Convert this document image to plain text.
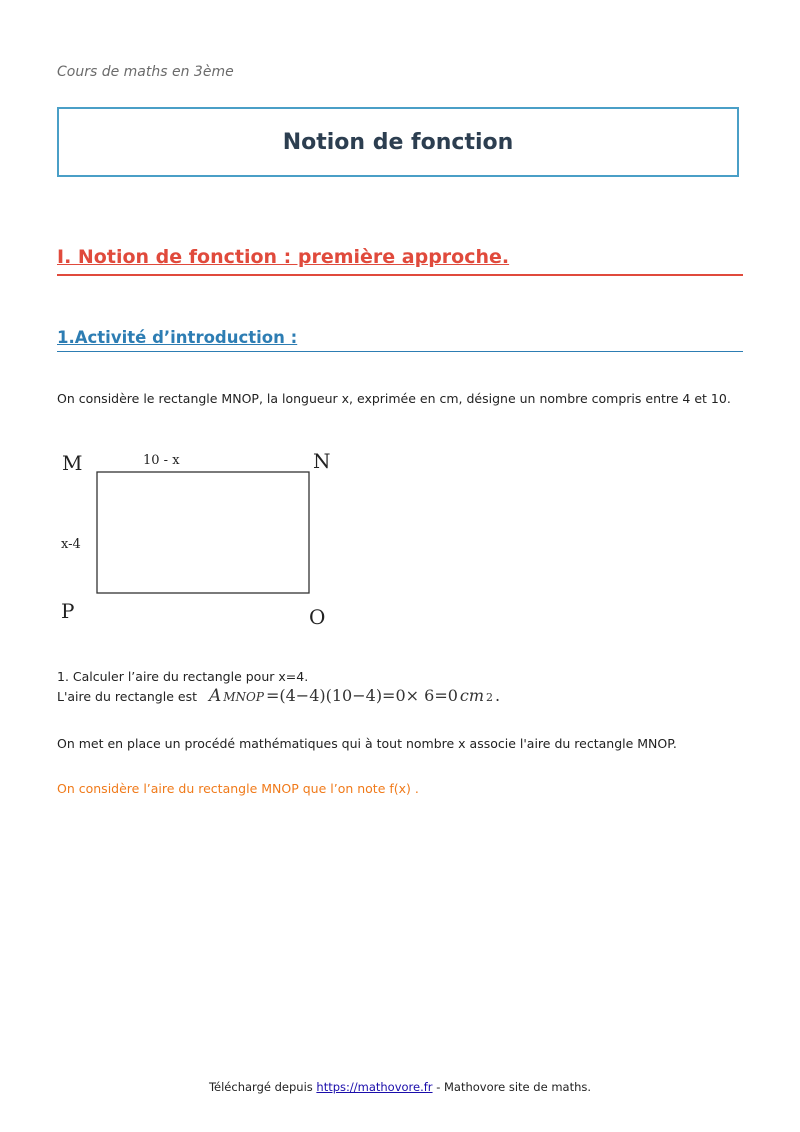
Cours de maths en 3ème
Notion de fonction
I. Notion de fonction : première approche.
1.Activité d’introduction :
On considère le rectangle MNOP, la longueur x, exprimée en cm, désigne un nombre compris entre 4 et 10.
M	N
O
P
10 - x
x-4
1. Calculer l’aire du rectangle pour x=4.
L'aire du rectangle est A MNOP =(4−4)(10−4)=0× 6=0 cm 2 .
On met en place un procédé mathématiques qui à tout nombre x associe l'aire du rectangle MNOP.
On considère l’aire du rectangle MNOP que l’on note f(x) .
Téléchargé depuis https://mathovore.fr - Mathovore site de maths.
